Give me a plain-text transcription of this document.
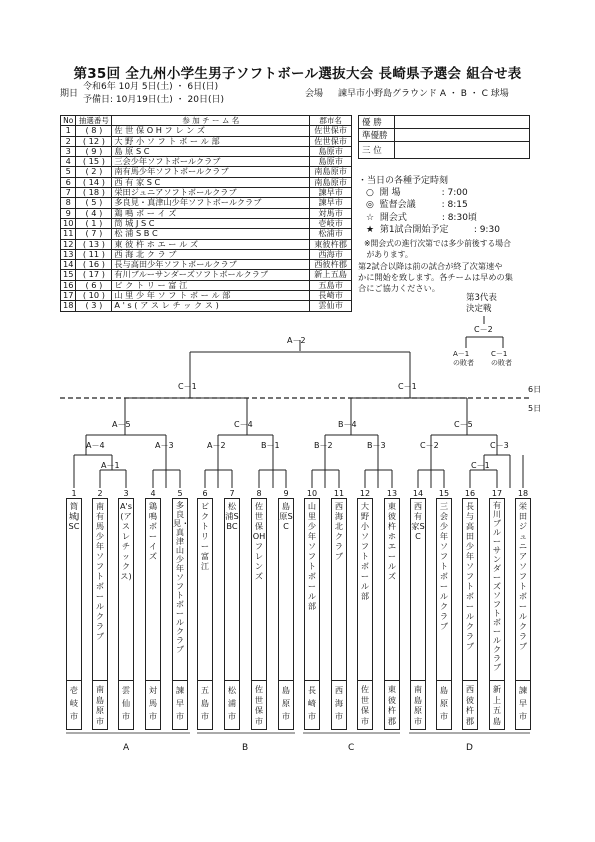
第35回 全九州小学生男子ソフトボール選抜大会 長崎県予選会 組合せ表
期日
令和6年 10月 5日(土) ・ 6日(日)
予備日: 10月19日(土) ・ 20日(日)
会場 諫早市小野島グラウンド A ・ B ・ C 球場
No	抽選番号	参 加 チ ー ム 名	郡市名
1	( 8 )	佐 世 保 O H フ レ ン ズ	佐世保市
2	( 12 )	大 野 小 ソ フ ト ボ ー ル 部	佐世保市
3	( 9 )	島 原 S C	島原市
4	( 15 )	三会少年ソフトボールクラブ	島原市
5	( 2 )	南有馬少年ソフトボールクラブ	南島原市
6	( 14 )	西 有 家 S C	南島原市
7	( 18 )	栄田ジュニアソフトボールクラブ	諫早市
8	( 5 )	多良見・真津山少年ソフトボールクラブ	諫早市
9	( 4 )	鶏 鳴 ボ ー イ ズ	対馬市
10	( 1 )	筒 城 J S C	壱岐市
11	( 7 )	松 浦 S B C	松浦市
12	( 13 )	東 彼 杵 ホ エ ー ル ズ	東彼杵郡
13	( 11 )	西 海 北 ク ラ ブ	西海市
14	( 16 )	長与高田少年ソフトボールクラブ	西彼杵郡
15	( 17 )	有川ブルーサンダーズソフトボールクラブ	新上五島
16	( 6 )	ビ ク ト リ ー 富 江	五島市
17	( 10 )	山 里 少 年 ソ フ ト ボ ー ル 部	長崎市
18	( 3 )	A ' s ( ア ス レ チ ッ ク ス )	雲仙市
優 勝	
準優勝	
三 位	
・当日の各種予定時刻
○ 開 場	: 7:00
◎ 監督会議	: 8:15
☆ 開会式	: 8:30頃
★ 第1試合開始予定	: 9:30
※開会式の進行次第では多少前後する場合
があります。
第2試合以降は前の試合が終了次第速や
かに開始を致します。各チームは早めの集
合にご協力ください。
第3代表
決定戦
A－1
の敗者
C－1
の敗者
C－2
A－2
C－1	C－1	6日
5日
A－5	C－4	B－4	C－5
A－4	A－3	A－2	B－1	B－2	B－3	C－2	C－3
A－1	C－1
1
筒城JSC
壱岐市
2
南有馬少年ソフトボールクラブ
南島原市
3
A's(アスレチックス)
雲仙市
4
鶏鳴ボーイズ
対馬市
5
多良見・真津山少年ソフトボールクラブ
諫早市
6
ビクトリー富江
五島市
7
松浦SBC
松浦市
8
佐世保OHフレンズ
佐世保市
9
島原SC
島原市
10
山里少年ソフトボール部
長崎市
11
西海北クラブ
西海市
12
大野小ソフトボール部
佐世保市
13
東彼杵ホエールズ
東彼杵郡
14
西有家SC
南島原市
15
三会少年ソフトボールクラブ
島原市
16
長与高田少年ソフトボールクラブ
西彼杵郡
17
有川ブルーサンダーズソフトボールクラブ
新上五島
18
栄田ジュニアソフトボールクラブ
諫早市
A	B	C	D
